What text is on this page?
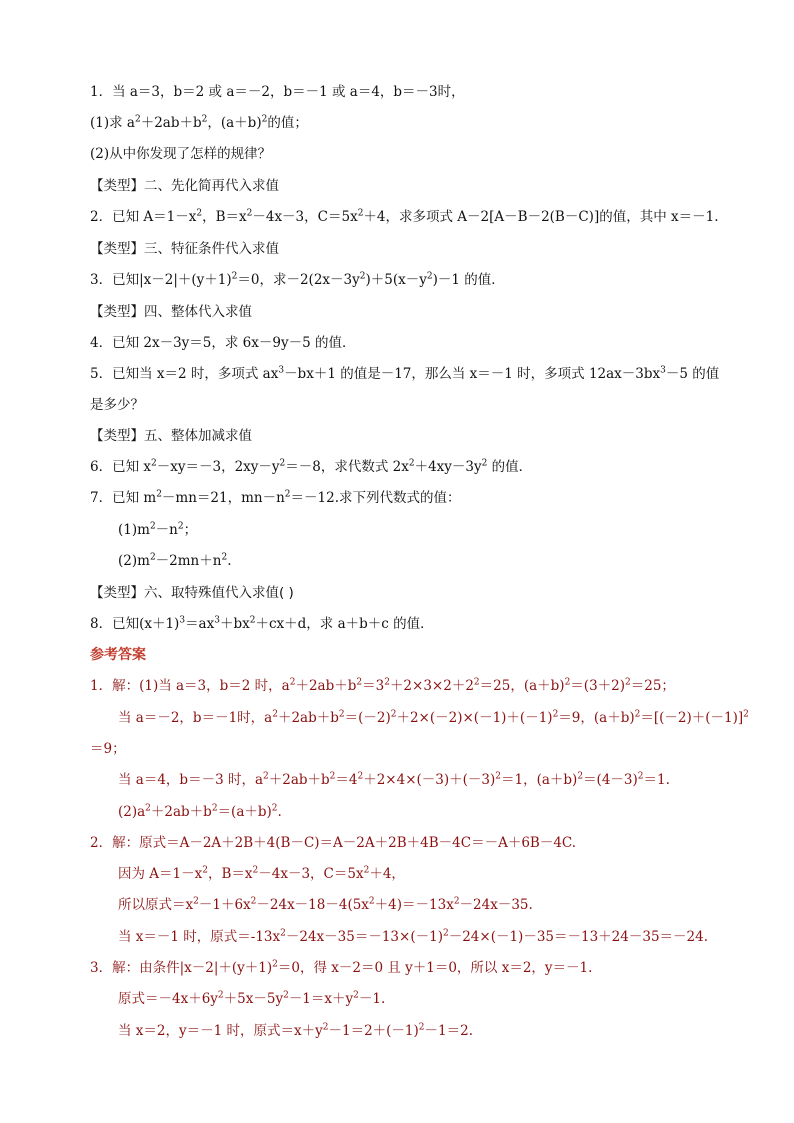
1．当 a＝3，b＝2 或 a＝－2，b＝－1 或 a＝4，b＝－3时，
(1)求 $a^2+2ab+b^2$，$(a+b)^2$的值；
(2)从中你发现了怎样的规律？
【类型】二、先化简再代入求值
2．已知 $A=1-x^2$，$B=x^2-4x-3$，$C=5x^2+4$，求多项式 A－2[A－B－2(B－C)]的值，其中 x＝－1.
【类型】三、特征条件代入求值
3．已知$|x-2|+(y+1)^2=0$，求$-2(2x-3y^2)+5(x-y^2)-1$ 的值．
【类型】四、整体代入求值
4．已知 2x－3y＝5，求 6x－9y－5 的值．
5．已知当 x＝2 时，多项式 $ax^3-bx+1$ 的值是－17，那么当 x＝－1 时，多项式 $12ax-3bx^3-5$ 的值
是多少？
【类型】五、整体加减求值
6．已知 $x^2-xy=-3$，$2xy-y^2=-8$，求代数式 $2x^2+4xy-3y^2$ 的值．
7．已知 $m^2-mn=21$，$mn-n^2=-12$.求下列代数式的值：
$(1)m^2-n^2$；
$(2)m^2-2mn+n^2$.
【类型】六、取特殊值代入求值( )
8．已知$(x+1)^3=ax^3+bx^2+cx+d$，求 a＋b＋c 的值．
参考答案
1．解：(1)当 a＝3，b＝2 时，$a^2+2ab+b^2=3^2+2\times 3\times 2+2^2=25$，$(a+b)^2=(3+2)^2=25$；
当 a＝－2，b＝－1时，$a^2+2ab+b^2=(-2)^2+2\times(-2)\times(-1)+(-1)^2=9$，$(a+b)^2=[(-2)+(-1)]^2$
＝9；
当 a＝4，b＝－3 时，$a^2+2ab+b^2=4^2+2\times 4\times(-3)+(-3)^2=1$，$(a+b)^2=(4-3)^2=1$.
$(2)a^2+2ab+b^2=(a+b)^2$.
2．解：原式＝A－2A＋2B＋4(B－C)＝A－2A＋2B＋4B－4C＝－A＋6B－4C.
因为 $A=1-x^2$，$B=x^2-4x-3$，$C=5x^2+4$，
所以原式$=x^2-1+6x^2-24x-18-4(5x^2+4)=-13x^2-24x-35$.
当 x＝－1 时，原式$=-13x^2-24x-35=-13\times(-1)^2-24\times(-1)-35=-13+24-35=-24$.
3．解：由条件$|x-2|+(y+1)^2=0$，得 x－2＝0 且 y＋1＝0，所以 x＝2，y＝－1.
原式$=-4x+6y^2+5x-5y^2-1=x+y^2-1$.
当 x＝2，y＝－1 时，原式$=x+y^2-1=2+(-1)^2-1=2$.
